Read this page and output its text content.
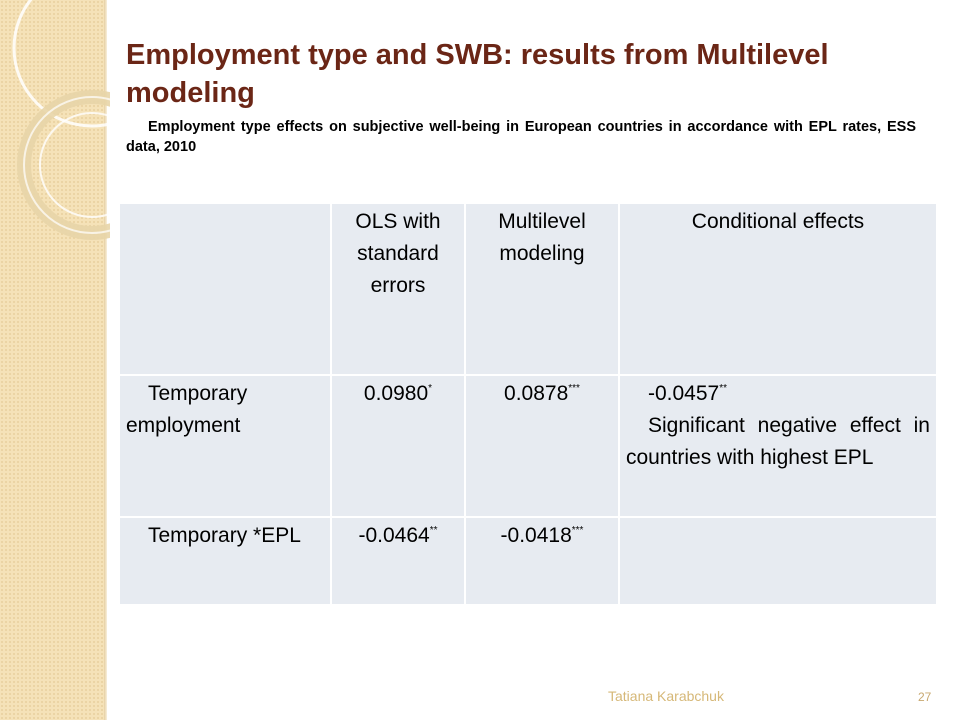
Employment type and SWB: results from Multilevel modeling

Employment type effects on subjective well-being in European countries in accordance with EPL rates, ESS data, 2010

	OLS with standard errors	Multilevel modeling	Conditional effects
Temporary employment	0.0980*	0.0878***	-0.0457**
Significant negative effect in countries with highest EPL

Temporary *EPL	-0.0464**	-0.0418***	
Tatiana Karabchuk	27
